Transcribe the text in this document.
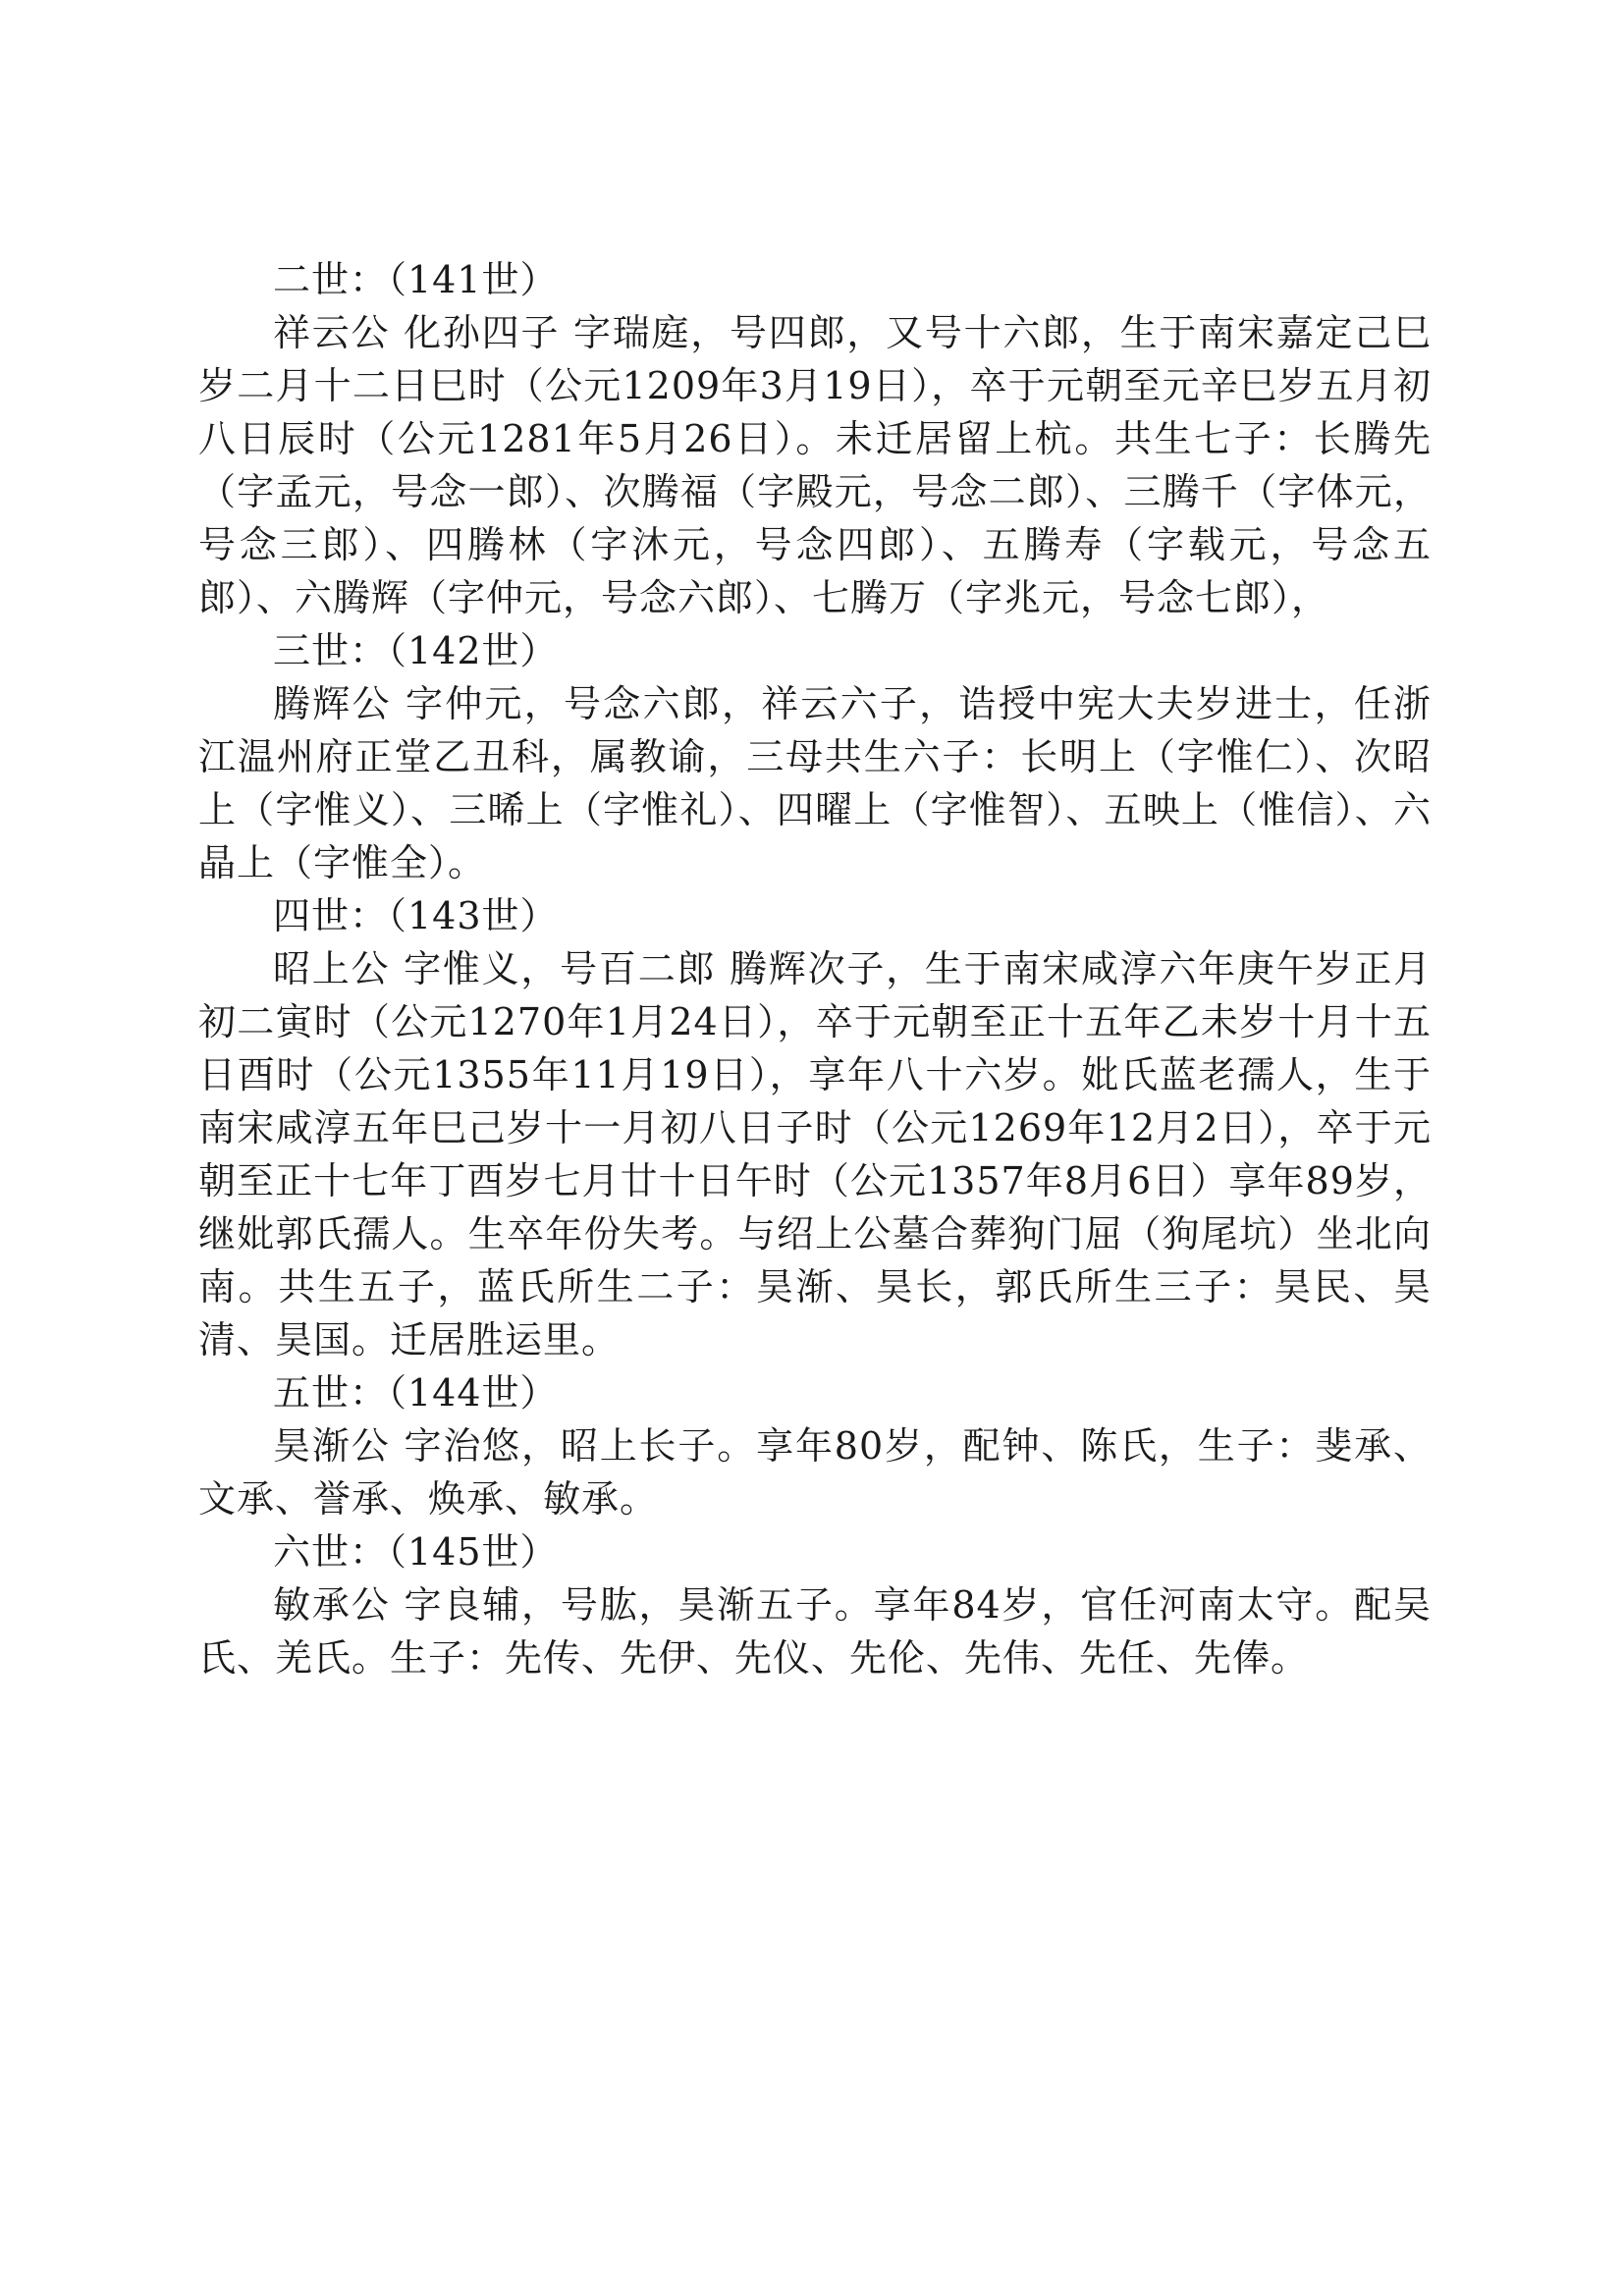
二世：（141世）

祥云公 化孙四子 字瑞庭，号四郎，又号十六郎，生于南宋嘉定己巳岁二月十二日巳时（公元1209年3月19日），卒于元朝至元辛巳岁五月初八日辰时（公元1281年5月26日）。未迁居留上杭。共生七子：长腾先（字孟元，号念一郎）、次腾福（字殿元，号念二郎）、三腾千（字体元，号念三郎）、四腾林（字沐元，号念四郎）、五腾寿（字载元，号念五郎）、六腾辉（字仲元，号念六郎）、七腾万（字兆元，号念七郎），

三世：（142世）

腾辉公 字仲元，号念六郎，祥云六子，诰授中宪大夫岁进士，任浙江温州府正堂乙丑科，属教谕，三母共生六子：长明上（字惟仁）、次昭上（字惟义）、三晞上（字惟礼）、四曜上（字惟智）、五映上（惟信）、六晶上（字惟全）。

四世：（143世）

昭上公 字惟义，号百二郎 腾辉次子，生于南宋咸淳六年庚午岁正月初二寅时（公元1270年1月24日），卒于元朝至正十五年乙未岁十月十五日酉时（公元1355年11月19日），享年八十六岁。妣氏蓝老孺人，生于南宋咸淳五年巳己岁十一月初八日子时（公元1269年12月2日），卒于元朝至正十七年丁酉岁七月廿十日午时（公元1357年8月6日）享年89岁，继妣郭氏孺人。生卒年份失考。与绍上公墓合葬狗门屈（狗尾坑）坐北向南。共生五子，蓝氏所生二子：昊渐、昊长，郭氏所生三子：昊民、昊清、昊国。迁居胜运里。

五世：（144世）

昊渐公 字治悠，昭上长子。享年80岁，配钟、陈氏，生子：斐承、文承、誉承、焕承、敏承。

六世：（145世）

敏承公 字良辅，号肱，昊渐五子。享年84岁，官任河南太守。配吴氏、羌氏。生子：先传、先伊、先仪、先伦、先伟、先任、先俸。
